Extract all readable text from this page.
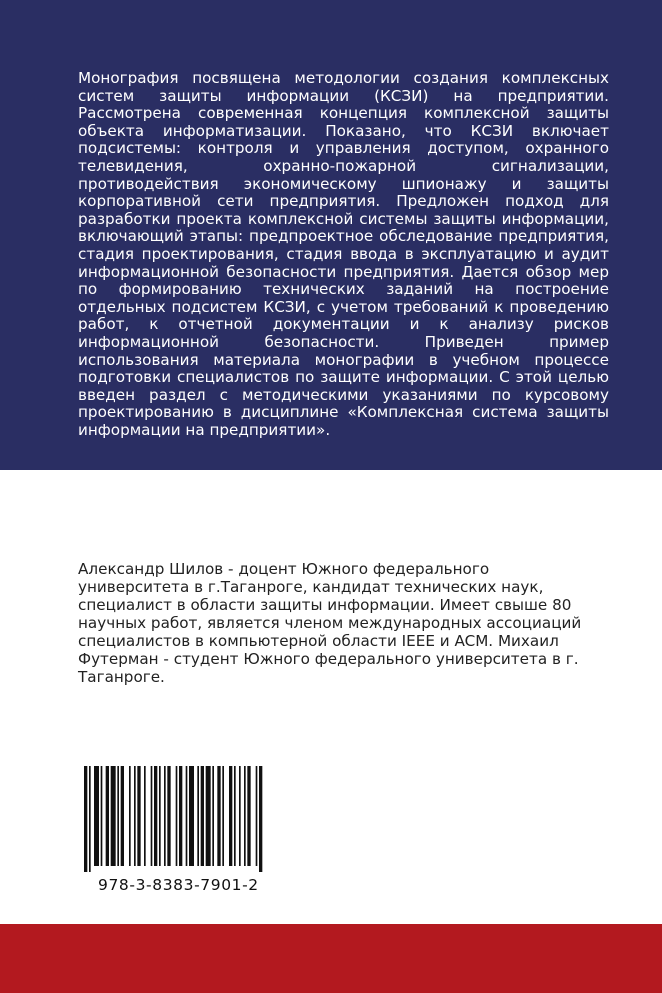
Монография посвящена методологии создания комплексных систем защиты информации (КСЗИ) на предприятии. Рассмотрена современная концепция комплексной защиты объекта информатизации. Показано, что КСЗИ включает подсистемы: контроля и управления доступом, охранного телевидения, охранно-пожарной сигнализации, противодействия экономическому шпионажу и защиты корпоративной сети предприятия. Предложен подход для разработки проекта комплексной системы защиты информации, включающий этапы: предпроектное обследование предприятия, стадия проектирования, стадия ввода в эксплуатацию и аудит информационной безопасности предприятия. Дается обзор мер по формированию технических заданий на построение отдельных подсистем КСЗИ, с учетом требований к проведению работ, к отчетной документации и к анализу рисков информационной безопасности. Приведен пример использования материала монографии в учебном процессе подготовки специалистов по защите информации. С этой целью введен раздел с методическими указаниями по курсовому проектированию в дисциплине «Комплексная система защиты информации на предприятии».

Александр Шилов - доцент Южного федерального университета в г.Таганроге, кандидат технических наук, специалист в области защиты информации. Имеет свыше 80 научных работ, является членом международных ассоциаций специалистов в компьютерной области IEEE и ACM. Михаил Футерман - студент Южного федерального университета в г. Таганроге.

978-3-8383-7901-2
